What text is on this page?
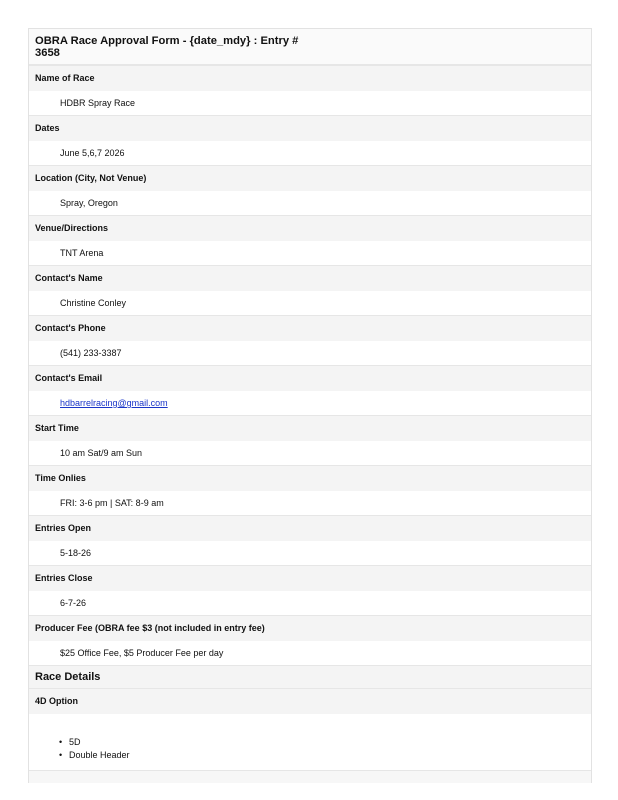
OBRA Race Approval Form - {date_mdy} : Entry #
3658
Name of Race
HDBR Spray Race
Dates
June 5,6,7 2026
Location (City, Not Venue)
Spray, Oregon
Venue/Directions
TNT Arena
Contact's Name
Christine Conley
Contact's Phone
(541) 233-3387
Contact's Email
hdbarrelracing@gmail.com
Start Time
10 am Sat/9 am Sun
Time Onlies
FRI: 3-6 pm | SAT: 8-9 am
Entries Open
5-18-26
Entries Close
6-7-26
Producer Fee (OBRA fee $3 (not included in entry fee)
$25 Office Fee, $5 Producer Fee per day
Race Details
4D Option
• 5D
• Double Header
